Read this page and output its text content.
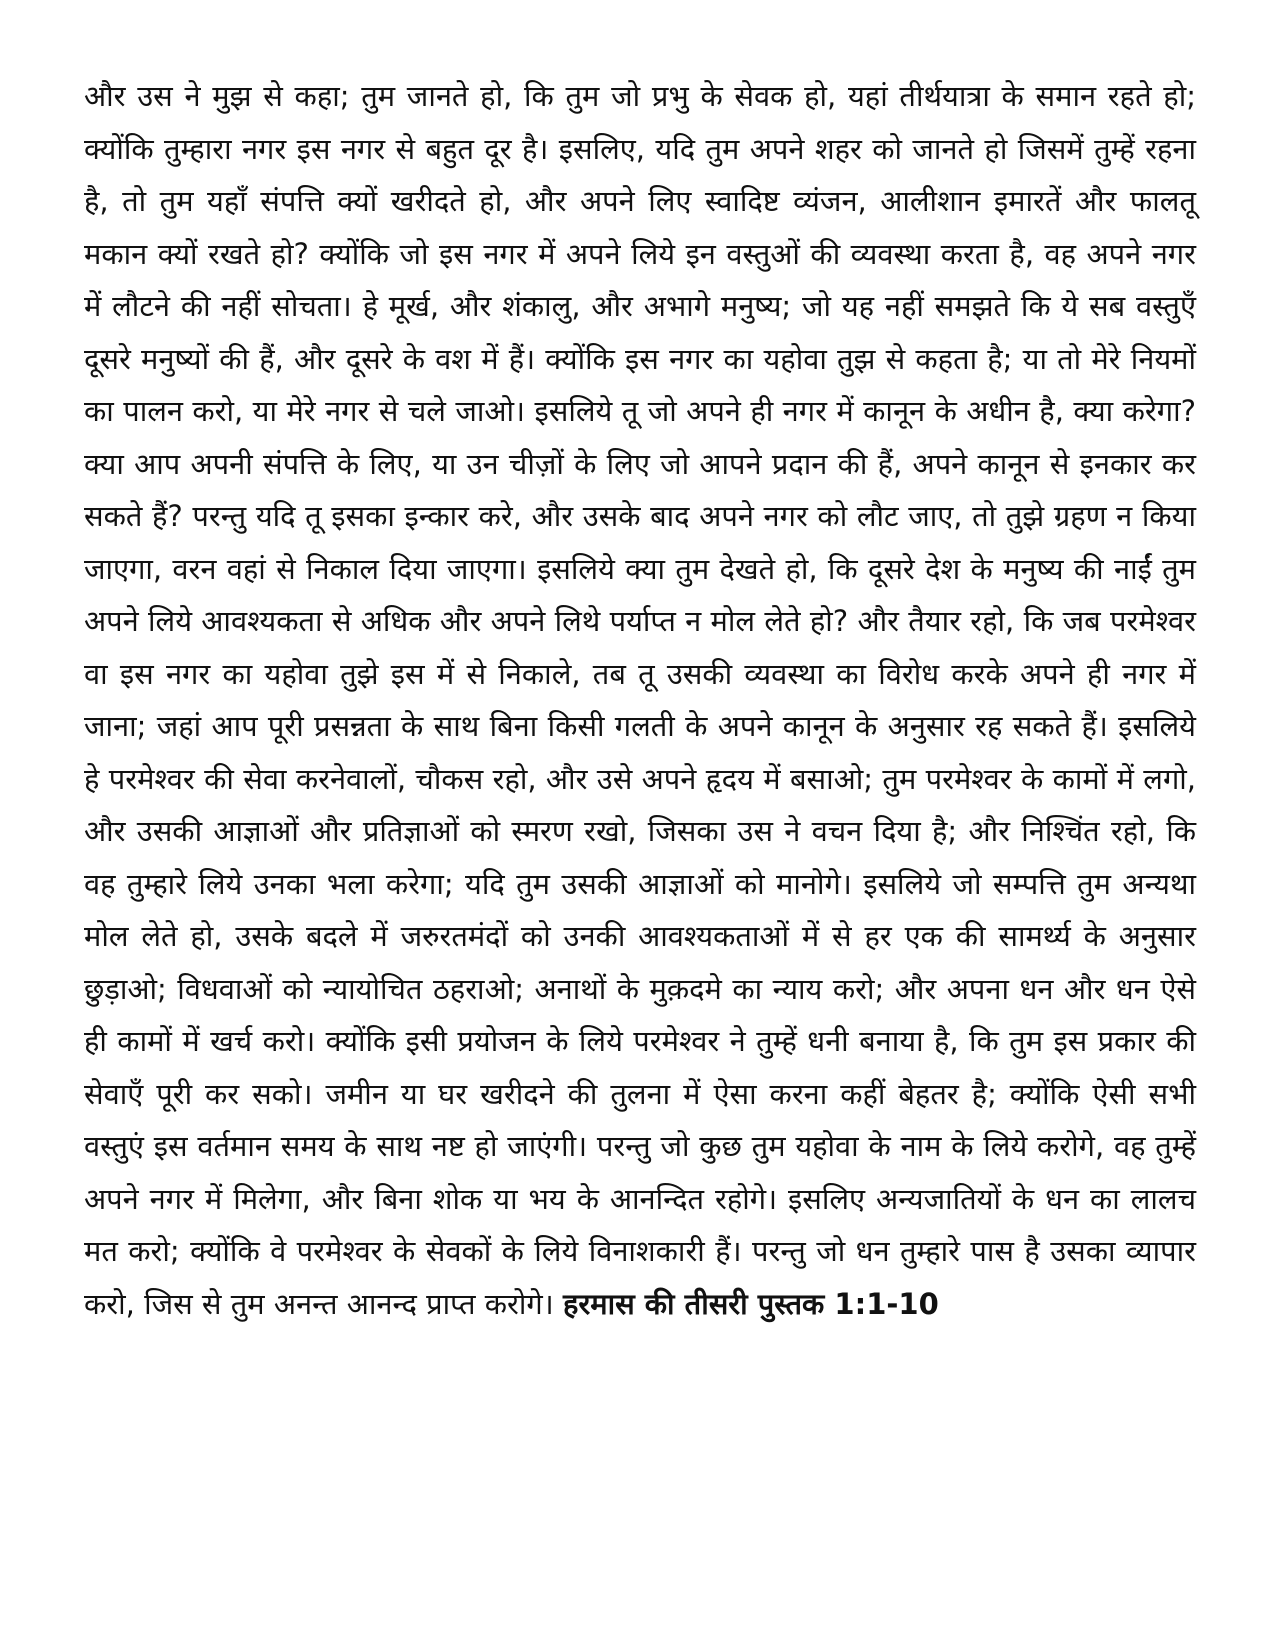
और उस ने मुझ से कहा; तुम जानते हो, कि तुम जो प्रभु के सेवक हो, यहां तीर्थयात्रा के समान रहते हो; क्योंकि तुम्हारा नगर इस नगर से बहुत दूर है। इसलिए, यदि तुम अपने शहर को जानते हो जिसमें तुम्हें रहना है, तो तुम यहाँ संपत्ति क्यों खरीदते हो, और अपने लिए स्वादिष्ट व्यंजन, आलीशान इमारतें और फालतू मकान क्यों रखते हो? क्योंकि जो इस नगर में अपने लिये इन वस्तुओं की व्यवस्था करता है, वह अपने नगर में लौटने की नहीं सोचता। हे मूर्ख, और शंकालु, और अभागे मनुष्य; जो यह नहीं समझते कि ये सब वस्तुएँ दूसरे मनुष्यों की हैं, और दूसरे के वश में हैं। क्योंकि इस नगर का यहोवा तुझ से कहता है; या तो मेरे नियमों का पालन करो, या मेरे नगर से चले जाओ। इसलिये तू जो अपने ही नगर में कानून के अधीन है, क्या करेगा? क्या आप अपनी संपत्ति के लिए, या उन चीज़ों के लिए जो आपने प्रदान की हैं, अपने कानून से इनकार कर सकते हैं? परन्तु यदि तू इसका इन्कार करे, और उसके बाद अपने नगर को लौट जाए, तो तुझे ग्रहण न किया जाएगा, वरन वहां से निकाल दिया जाएगा। इसलिये क्या तुम देखते हो, कि दूसरे देश के मनुष्य की नाईं तुम अपने लिये आवश्यकता से अधिक और अपने लिथे पर्याप्त न मोल लेते हो? और तैयार रहो, कि जब परमेश्वर वा इस नगर का यहोवा तुझे इस में से निकाले, तब तू उसकी व्यवस्था का विरोध करके अपने ही नगर में जाना; जहां आप पूरी प्रसन्नता के साथ बिना किसी गलती के अपने कानून के अनुसार रह सकते हैं। इसलिये हे परमेश्वर की सेवा करनेवालों, चौकस रहो, और उसे अपने हृदय में बसाओ; तुम परमेश्वर के कामों में लगो, और उसकी आज्ञाओं और प्रतिज्ञाओं को स्मरण रखो, जिसका उस ने वचन दिया है; और निश्चिंत रहो, कि वह तुम्हारे लिये उनका भला करेगा; यदि तुम उसकी आज्ञाओं को मानोगे। इसलिये जो सम्पत्ति तुम अन्यथा मोल लेते हो, उसके बदले में जरुरतमंदों को उनकी आवश्यकताओं में से हर एक की सामर्थ्य के अनुसार छुड़ाओ; विधवाओं को न्यायोचित ठहराओ; अनाथों के मुक़दमे का न्याय करो; और अपना धन और धन ऐसे ही कामों में खर्च करो। क्योंकि इसी प्रयोजन के लिये परमेश्वर ने तुम्हें धनी बनाया है, कि तुम इस प्रकार की सेवाएँ पूरी कर सको। जमीन या घर खरीदने की तुलना में ऐसा करना कहीं बेहतर है; क्योंकि ऐसी सभी वस्तुएं इस वर्तमान समय के साथ नष्ट हो जाएंगी। परन्तु जो कुछ तुम यहोवा के नाम के लिये करोगे, वह तुम्हें अपने नगर में मिलेगा, और बिना शोक या भय के आनन्दित रहोगे। इसलिए अन्यजातियों के धन का लालच मत करो; क्योंकि वे परमेश्वर के सेवकों के लिये विनाशकारी हैं। परन्तु जो धन तुम्हारे पास है उसका व्यापार करो, जिस से तुम अनन्त आनन्द प्राप्त करोगे। हरमास की तीसरी पुस्तक 1:1-10
